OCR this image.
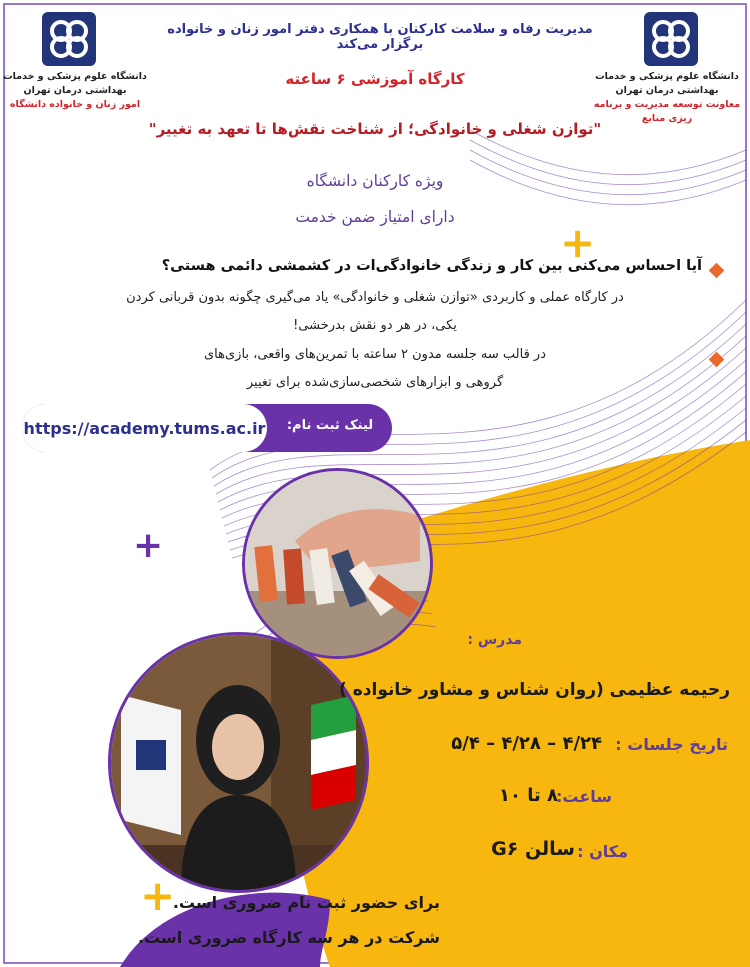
دانشگاه علوم پزشکی و خدمات
بهداشتی درمان تهران
امور زنان و خانواده دانشگاه
دانشگاه علوم پزشکی و خدمات
بهداشتی درمان تهران
معاونت توسعه مدیریت و برنامه ریزی منابع
مدیریت رفاه و سلامت کارکنان با همکاری دفتر امور زنان و خانواده برگزار می‌کند
کارگاه آموزشی ۶ ساعته
"توازن شغلی و خانوادگی؛ از شناخت نقش‌ها تا تعهد به تغییر"
ویژه کارکنان دانشگاه
دارای امتیاز ضمن خدمت
+
+
+
آیا احساس می‌کنی بین کار و زندگی خانوادگی‌ات در کشمشی دائمی هستی؟
در کارگاه عملی و کاربردی «توازن شغلی و خانوادگی» یاد می‌گیری چگونه بدون قربانی کردن
یکی، در هر دو نقش بدرخشی!
در قالب سه جلسه مدون ۲ ساعته با تمرین‌های واقعی، بازی‌های
گروهی و ابزارهای شخصی‌سازی‌شده برای تغییر
https://academy.tums.ac.ir	لینک ثبت نام:
مدرس :
رحیمه عظیمی (روان شناس و مشاور خانواده )
تاریخ جلسات :
۴/۲۴ – ۴/۲۸ – ۵/۴
ساعت:
۸ تا ۱۰
مکان :
سالن G۶
برای حضور ثبت نام ضروری است.
شرکت در هر سه کارگاه ضروری است.
